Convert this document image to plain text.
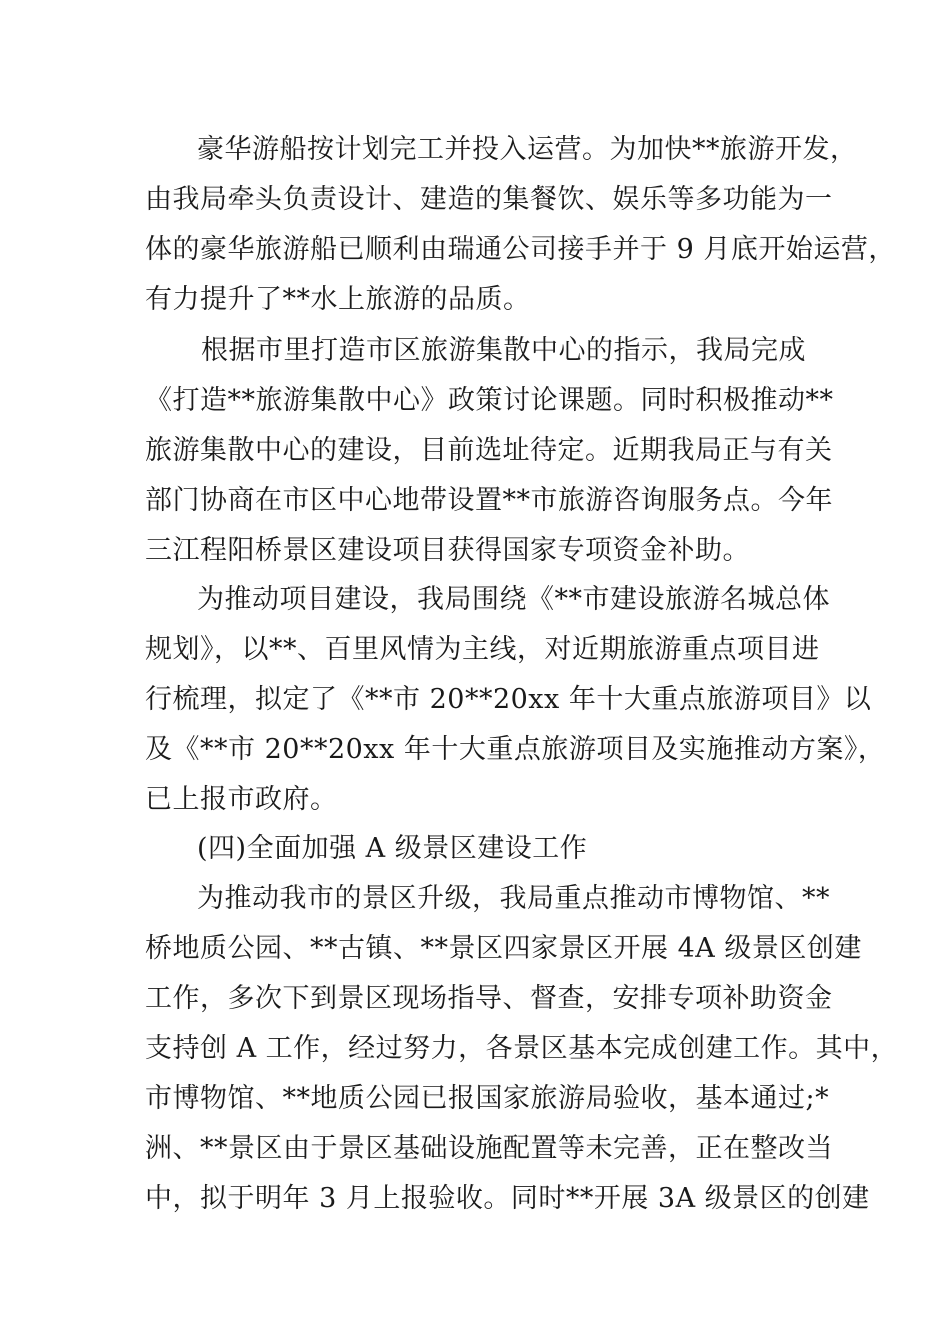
豪华游船按计划完工并投入运营。为加快**旅游开发，
由我局牵头负责设计、建造的集餐饮、娱乐等多功能为一
体的豪华旅游船已顺利由瑞通公司接手并于 9 月底开始运营，
有力提升了**水上旅游的品质。
根据市里打造市区旅游集散中心的指示，我局完成
《打造**旅游集散中心》政策讨论课题。同时积极推动**
旅游集散中心的建设，目前选址待定。近期我局正与有关
部门协商在市区中心地带设置**市旅游咨询服务点。今年
三江程阳桥景区建设项目获得国家专项资金补助。
为推动项目建设，我局围绕《**市建设旅游名城总体
规划》，以**、百里风情为主线，对近期旅游重点项目进
行梳理，拟定了《**市 20**20xx 年十大重点旅游项目》以
及《**市 20**20xx 年十大重点旅游项目及实施推动方案》，
已上报市政府。
(四)全面加强 A 级景区建设工作
为推动我市的景区升级，我局重点推动市博物馆、**
桥地质公园、**古镇、**景区四家景区开展 4A 级景区创建
工作，多次下到景区现场指导、督查，安排专项补助资金
支持创 A 工作，经过努力，各景区基本完成创建工作。其中，
市博物馆、**地质公园已报国家旅游局验收，基本通过;*
洲、**景区由于景区基础设施配置等未完善，正在整改当
中，拟于明年 3 月上报验收。同时**开展 3A 级景区的创建
